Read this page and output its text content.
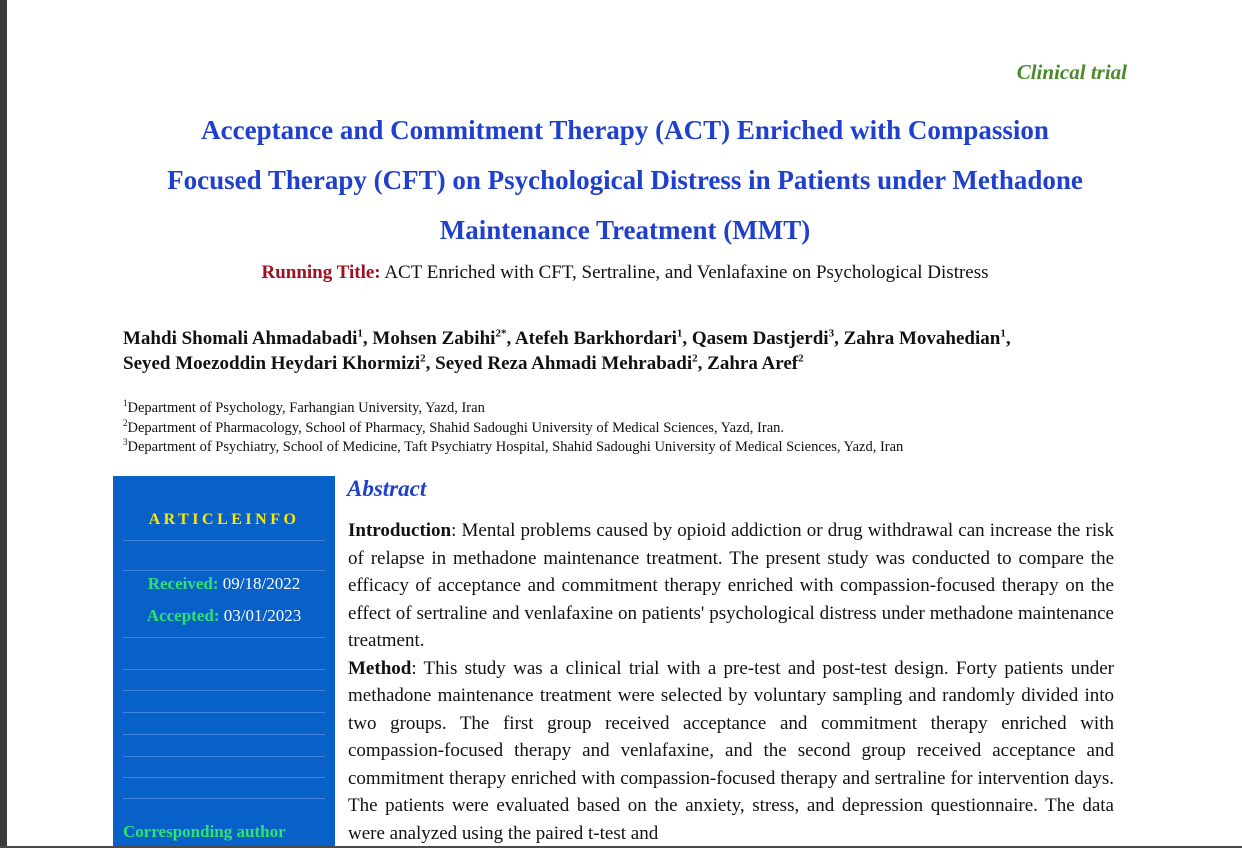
Clinical trial
Acceptance and Commitment Therapy (ACT) Enriched with Compassion
Focused Therapy (CFT) on Psychological Distress in Patients under Methadone
Maintenance Treatment (MMT)
Running Title: ACT Enriched with CFT, Sertraline, and Venlafaxine on Psychological Distress
Mahdi Shomali Ahmadabadi$^1$, Mohsen Zabihi$^{2*}$, Atefeh Barkhordari$^1$, Qasem Dastjerdi$^3$, Zahra Movahedian$^1$,
Seyed Moezoddin Heydari Khormizi$^2$, Seyed Reza Ahmadi Mehrabadi$^2$, Zahra Aref$^2$
$^1$Department of Psychology, Farhangian University, Yazd, Iran
$^2$Department of Pharmacology, School of Pharmacy, Shahid Sadoughi University of Medical Sciences, Yazd, Iran.
$^3$Department of Psychiatry, School of Medicine, Taft Psychiatry Hospital, Shahid Sadoughi University of Medical Sciences, Yazd, Iran
ARTICLEINFO
Received: 09/18/2022
Accepted: 03/01/2023
Corresponding author
Abstract

Introduction: Mental problems caused by opioid addiction or drug withdrawal can increase the risk of relapse in methadone maintenance treatment. The present study was conducted to compare the efficacy of acceptance and commitment therapy enriched with compassion-focused therapy on the effect of sertraline and venlafaxine on patients' psychological distress under methadone maintenance treatment.

Method: This study was a clinical trial with a pre-test and post-test design. Forty patients under methadone maintenance treatment were selected by voluntary sampling and randomly divided into two groups. The first group received acceptance and commitment therapy enriched with compassion-focused therapy and venlafaxine, and the second group received acceptance and commitment therapy enriched with compassion-focused therapy and sertraline for intervention days. The patients were evaluated based on the anxiety, stress, and depression questionnaire. The data were analyzed using the paired t-test and
